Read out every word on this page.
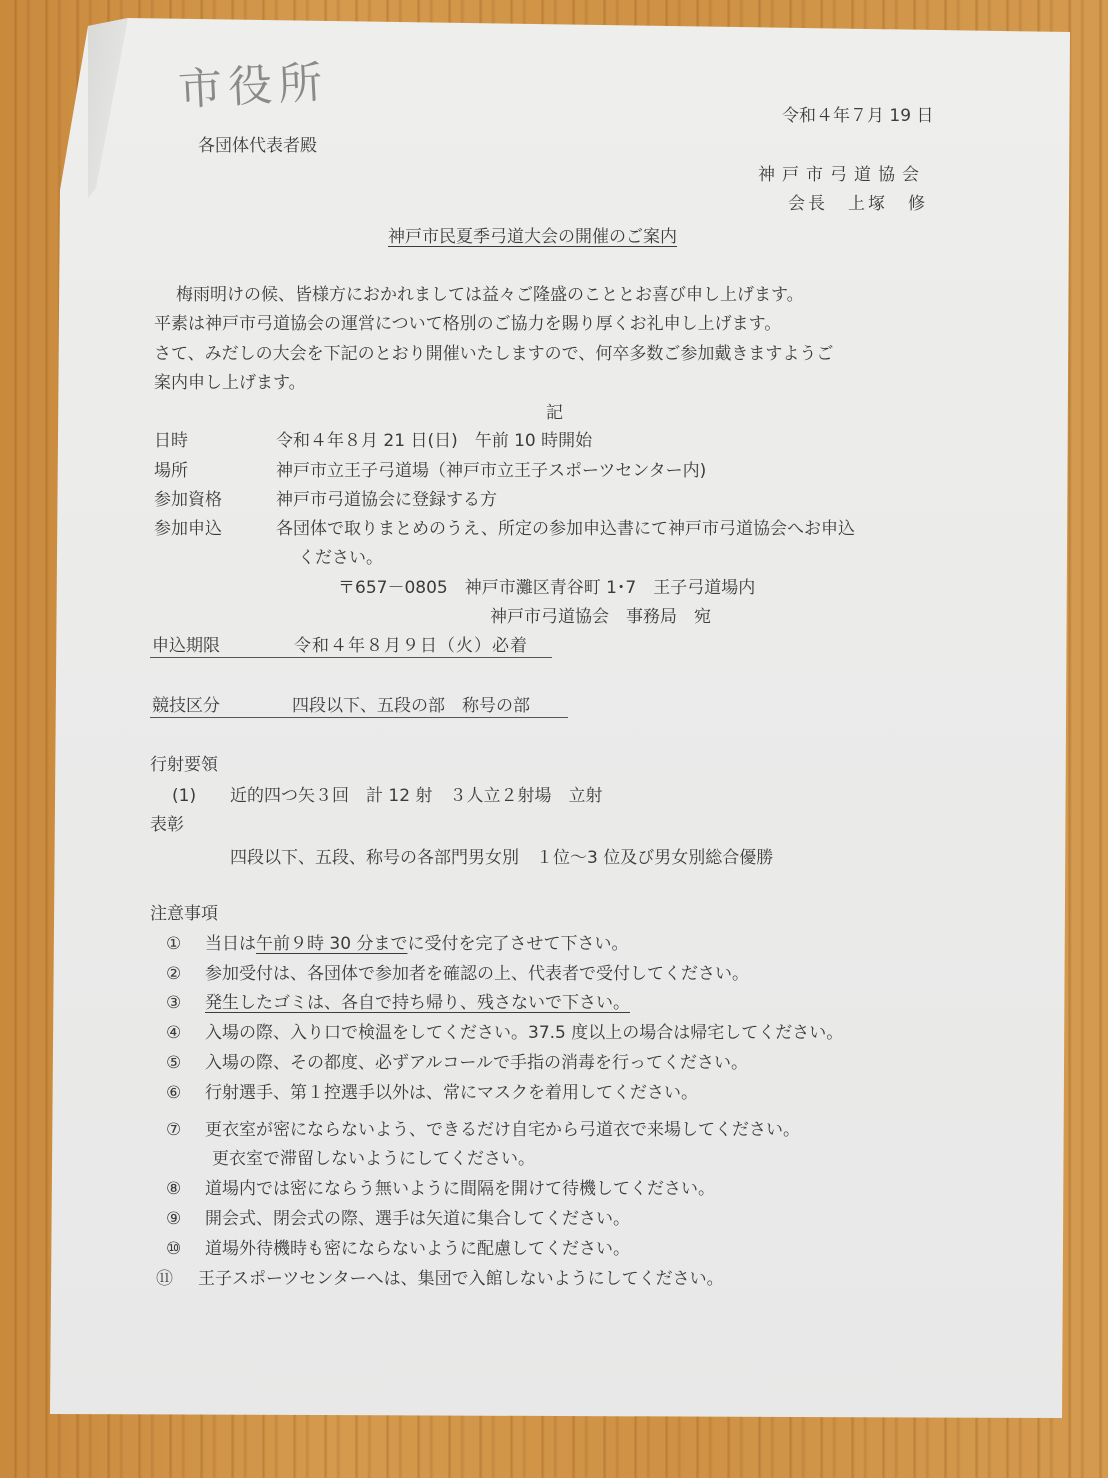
市役所
令和４年７月 19 日
各団体代表者殿
神戸市弓道協会
会長　上塚　修
神戸市民夏季弓道大会の開催のご案内
梅雨明けの候、皆様方におかれましては益々ご隆盛のこととお喜び申し上げます。
平素は神戸市弓道協会の運営について格別のご協力を賜り厚くお礼申し上げます。
さて、みだしの大会を下記のとおり開催いたしますので、何卒多数ご参加戴きますようご
案内申し上げます。
記
日時	令和４年８月 21 日(日)　午前 10 時開始
場所	神戸市立王子弓道場（神戸市立王子スポーツセンター内)
参加資格	神戸市弓道協会に登録する方
参加申込	各団体で取りまとめのうえ、所定の参加申込書にて神戸市弓道協会へお申込
ください。
〒657－0805　神戸市灘区青谷町 1･7　王子弓道場内
神戸市弓道協会　事務局　宛
申込期限	令和４年８月９日（火）必着
競技区分	四段以下、五段の部　称号の部
行射要領
(1) 近的四つ矢３回　計 12 射　３人立２射場　立射
表彰
四段以下、五段、称号の各部門男女別　１位～3 位及び男女別総合優勝
注意事項
① 当日は午前９時 30 分までに受付を完了させて下さい。
② 参加受付は、各団体で参加者を確認の上、代表者で受付してください。
③ 発生したゴミは、各自で持ち帰り、残さないで下さい。
④ 入場の際、入り口で検温をしてください。37.5 度以上の場合は帰宅してください。
⑤ 入場の際、その都度、必ずアルコールで手指の消毒を行ってください。
⑥ 行射選手、第１控選手以外は、常にマスクを着用してください。
⑦ 更衣室が密にならないよう、できるだけ自宅から弓道衣で来場してください。
更衣室で滞留しないようにしてください。
⑧ 道場内では密にならう無いように間隔を開けて待機してください。
⑨ 開会式、閉会式の際、選手は矢道に集合してください。
⑩ 道場外待機時も密にならないように配慮してください。
⑪ 王子スポーツセンターへは、集団で入館しないようにしてください。
